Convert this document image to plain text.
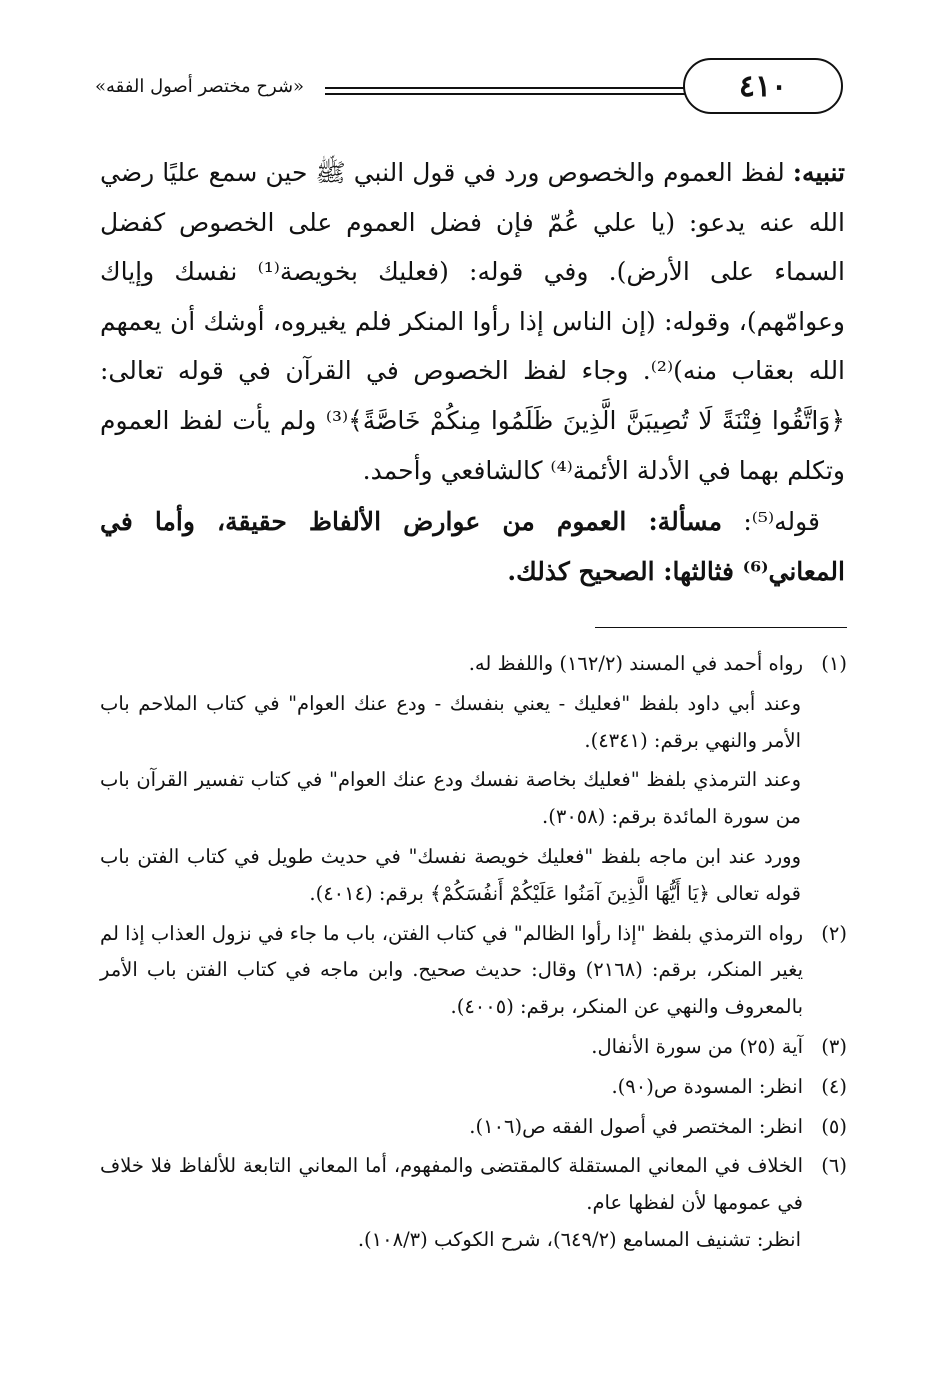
٤١٠
«شرح مختصر أصول الفقه»

تنبيه: لفظ العموم والخصوص ورد في قول النبي ﷺ حين سمع عليًا رضي الله عنه يدعو: (يا علي عُمّ فإن فضل العموم على الخصوص كفضل السماء على الأرض). وفي قوله: (فعليك بخويصة⁽¹⁾ نفسك وإياك وعوامّهم)، وقوله: (إن الناس إذا رأوا المنكر فلم يغيروه، أوشك أن يعمهم الله بعقاب منه)⁽²⁾. وجاء لفظ الخصوص في القرآن في قوله تعالى: ﴿وَاتَّقُوا فِتْنَةً لَا تُصِيبَنَّ الَّذِينَ ظَلَمُوا مِنكُمْ خَاصَّةً﴾⁽³⁾ ولم يأت لفظ العموم وتكلم بهما في الأدلة الأئمة⁽⁴⁾ كالشافعي وأحمد.

 قوله⁽⁵⁾: مسألة: العموم من عوارض الألفاظ حقيقة، وأما في المعاني⁽⁶⁾ فثالثها: الصحيح كذلك.

(١)
رواه أحمد في المسند (١٦٢/٢) واللفظ له.
وعند أبي داود بلفظ "فعليك - يعني بنفسك - ودع عنك العوام" في كتاب الملاحم باب الأمر والنهي برقم: (٤٣٤١).
وعند الترمذي بلفظ "فعليك بخاصة نفسك ودع عنك العوام" في كتاب تفسير القرآن باب من سورة المائدة برقم: (٣٠٥٨).
وورد عند ابن ماجه بلفظ "فعليك خويصة نفسك" في حديث طويل في كتاب الفتن باب قوله تعالى ﴿يَا أَيُّهَا الَّذِينَ آمَنُوا عَلَيْكُمْ أَنفُسَكُمْ﴾ برقم: (٤٠١٤).
(٢)
رواه الترمذي بلفظ "إذا رأوا الظالم" في كتاب الفتن، باب ما جاء في نزول العذاب إذا لم يغير المنكر، برقم: (٢١٦٨) وقال: حديث صحيح. وابن ماجه في كتاب الفتن باب الأمر بالمعروف والنهي عن المنكر، برقم: (٤٠٠٥).
(٣)
آية (٢٥) من سورة الأنفال.
(٤)
انظر: المسودة ص(٩٠).
(٥)
انظر: المختصر في أصول الفقه ص(١٠٦).
(٦)
الخلاف في المعاني المستقلة كالمقتضى والمفهوم، أما المعاني التابعة للألفاظ فلا خلاف في عمومها لأن لفظها عام.
انظر: تشنيف المسامع (٦٤٩/٢)، شرح الكوكب (١٠٨/٣).
